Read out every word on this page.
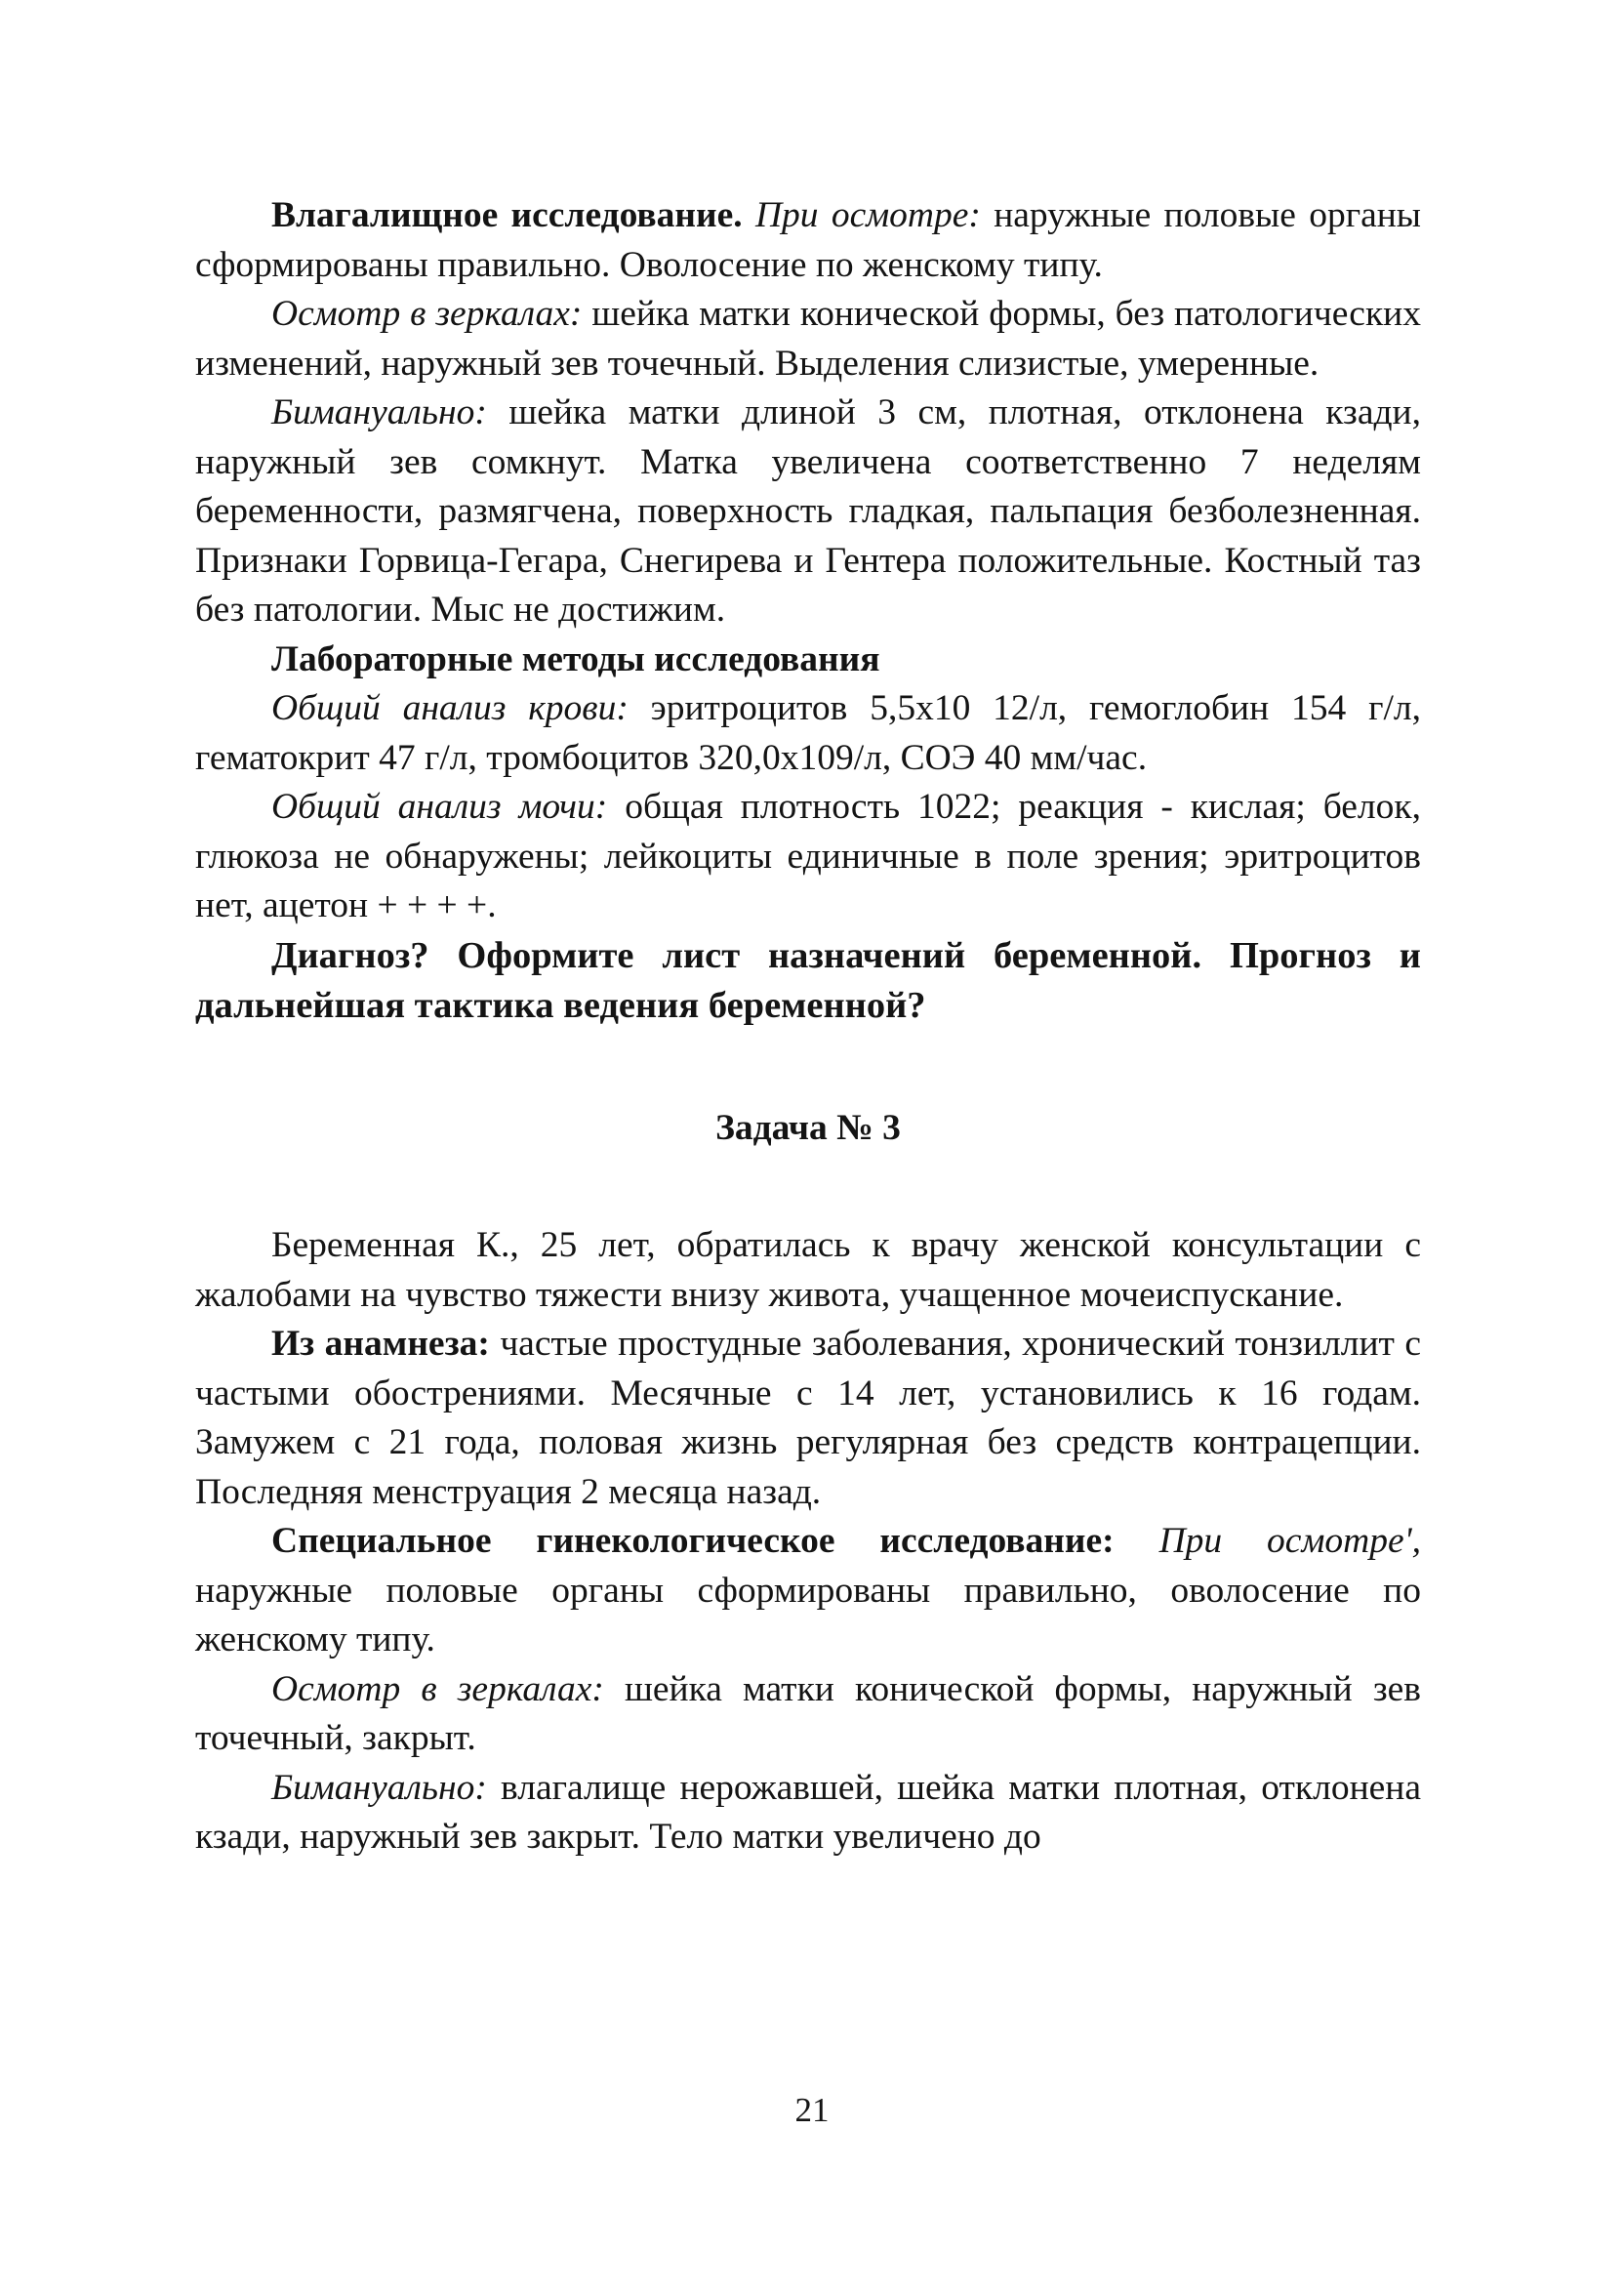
Влагалищное исследование. При осмотре: наружные половые органы сформированы правильно. Оволосение по женскому типу.

Осмотр в зеркалах: шейка матки конической формы, без патологических изменений, наружный зев точечный. Выделения слизистые, умеренные.

Бимануально: шейка матки длиной 3 см, плотная, отклонена кзади, наружный зев сомкнут. Матка увеличена соответственно 7 неделям беременности, размягчена, поверхность гладкая, пальпация безболезненная. Признаки Горвица-Гегара, Снегирева и Гентера положительные. Костный таз без патологии. Мыс не достижим.

Лабораторные методы исследования

Общий анализ крови: эритроцитов 5,5x10 12/л, гемоглобин 154 г/л, гематокрит 47 г/л, тромбоцитов 320,0x109/л, СОЭ 40 мм/час.

Общий анализ мочи: общая плотность 1022; реакция - кислая; белок, глюкоза не обнаружены; лейкоциты единичные в поле зрения; эритроцитов нет, ацетон + + + +.

Диагноз? Оформите лист назначений беременной. Прогноз и дальнейшая тактика ведения беременной?

Задача № 3

Беременная К., 25 лет, обратилась к врачу женской консультации с жалобами на чувство тяжести внизу живота, учащенное мочеиспускание.

Из анамнеза: частые простудные заболевания, хронический тонзиллит с частыми обострениями. Месячные с 14 лет, установились к 16 годам. Замужем с 21 года, половая жизнь регулярная без средств контрацепции. Последняя менструация 2 месяца назад.

Специальное гинекологическое исследование: При осмотре', наружные половые органы сформированы правильно, оволосение по женскому типу.

Осмотр в зеркалах: шейка матки конической формы, наружный зев точечный, закрыт.

Бимануально: влагалище нерожавшей, шейка матки плотная, отклонена кзади, наружный зев закрыт. Тело матки увеличено до

21
